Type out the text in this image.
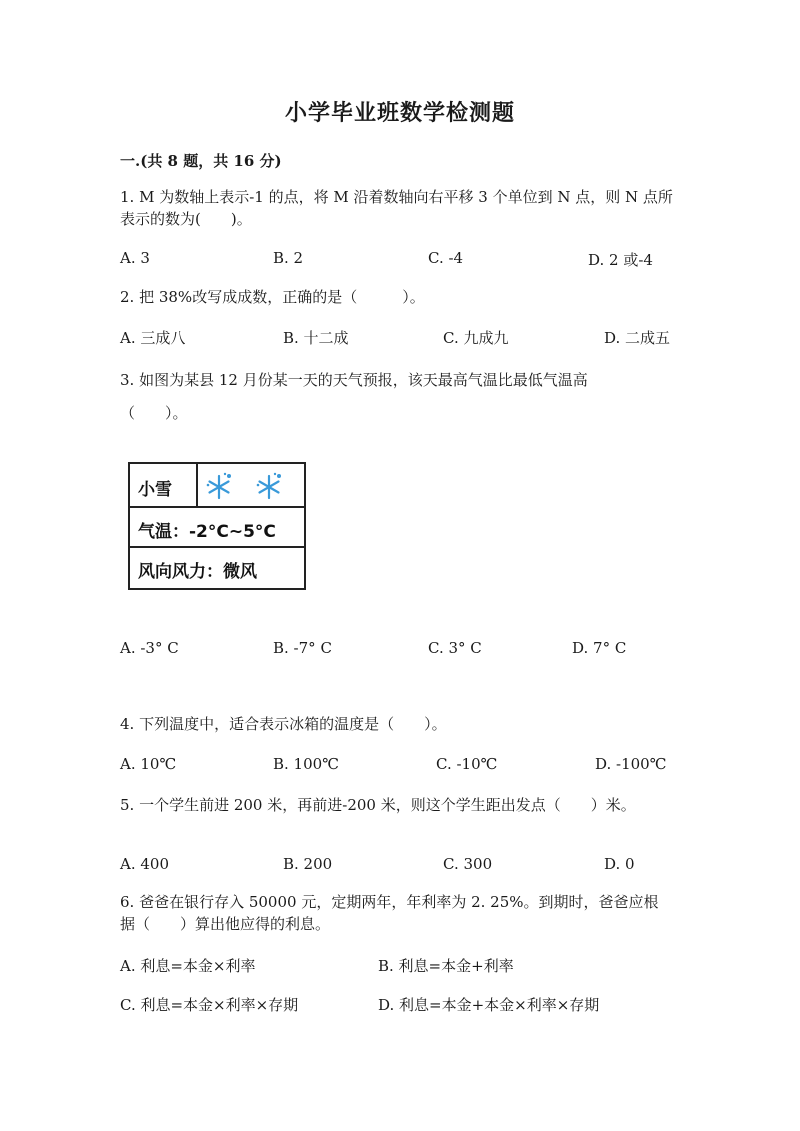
小学毕业班数学检测题
一.(共 8 题，共 16 分)
1. M 为数轴上表示-1 的点，将 M 沿着数轴向右平移 3 个单位到 N 点，则 N 点所
表示的数为(　　)。
A. 3	B. 2	C. -4	D. 2 或-4
2. 把 38%改写成成数，正确的是（　　　）。
A. 三成八	B. 十二成	C. 九成九	D. 二成五
3. 如图为某县 12 月份某一天的天气预报，该天最高气温比最低气温高
（　　）。
小雪
气温：-2°C~5°C
风向风力：微风
A. -3° C	B. -7° C	C. 3° C	D. 7° C
4. 下列温度中，适合表示冰箱的温度是（　　）。
A. 10℃	B. 100℃	C. -10℃	D. -100℃
5. 一个学生前进 200 米，再前进-200 米，则这个学生距出发点（　　）米。
A. 400	B. 200	C. 300	D. 0
6. 爸爸在银行存入 50000 元，定期两年，年利率为 2. 25%。到期时，爸爸应根
据（　　）算出他应得的利息。
A. 利息=本金×利率	B. 利息=本金+利率
C. 利息=本金×利率×存期	D. 利息=本金+本金×利率×存期
